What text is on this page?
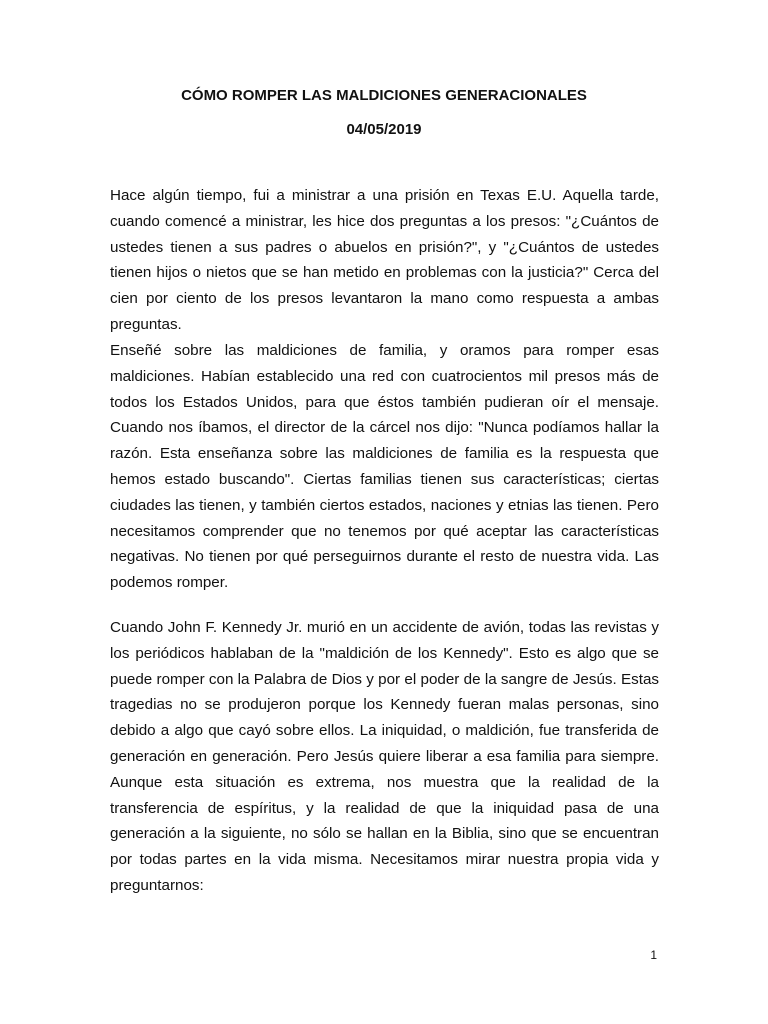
CÓMO ROMPER LAS MALDICIONES GENERACIONALES
04/05/2019

Hace algún tiempo, fui a ministrar a una prisión en Texas E.U. Aquella tarde, cuando comencé a ministrar, les hice dos preguntas a los presos: "¿Cuántos de ustedes tienen a sus padres o abuelos en prisión?", y "¿Cuántos de ustedes tienen hijos o nietos que se han metido en problemas con la justicia?" Cerca del cien por ciento de los presos levantaron la mano como respuesta a ambas preguntas.

Enseñé sobre las maldiciones de familia, y oramos para romper esas maldiciones. Habían establecido una red con cuatrocientos mil presos más de todos los Estados Unidos, para que éstos también pudieran oír el mensaje. Cuando nos íbamos, el director de la cárcel nos dijo: "Nunca podíamos hallar la razón. Esta enseñanza sobre las maldiciones de familia es la respuesta que hemos estado buscando". Ciertas familias tienen sus características; ciertas ciudades las tienen, y también ciertos estados, naciones y etnias las tienen. Pero necesitamos comprender que no tenemos por qué aceptar las características negativas. No tienen por qué perseguirnos durante el resto de nuestra vida. Las podemos romper.

Cuando John F. Kennedy Jr. murió en un accidente de avión, todas las revistas y los periódicos hablaban de la "maldición de los Kennedy". Esto es algo que se puede romper con la Palabra de Dios y por el poder de la sangre de Jesús. Estas tragedias no se produjeron porque los Kennedy fueran malas personas, sino debido a algo que cayó sobre ellos. La iniquidad, o maldición, fue transferida de generación en generación. Pero Jesús quiere liberar a esa familia para siempre. Aunque esta situación es extrema, nos muestra que la realidad de la transferencia de espíritus, y la realidad de que la iniquidad pasa de una generación a la siguiente, no sólo se hallan en la Biblia, sino que se encuentran por todas partes en la vida misma. Necesitamos mirar nuestra propia vida y preguntarnos:

1
